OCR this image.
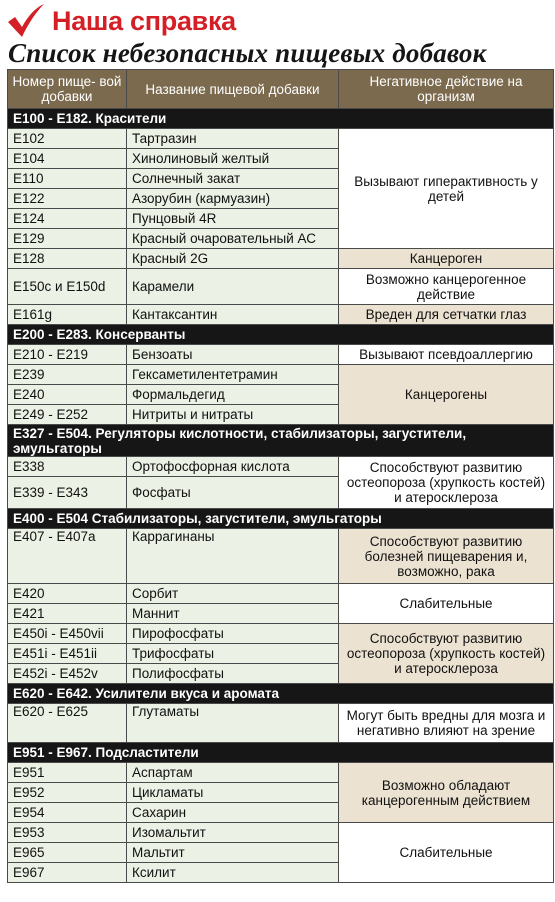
Наша справка
Список небезопасных пищевых добавок
Номер пище- вой добавки	Название пищевой добавки	Негативное действие на организм
Е100 - Е182. Красители		
Е102	Тартразин	Вызывают гиперактивность у детей
Е104	Хинолиновый желтый	
Е110	Солнечный закат	
Е122	Азорубин (кармуазин)	
Е124	Пунцовый 4R	
Е129	Красный очаровательный АС	
Е128	Красный 2G	Канцероген
Е150с и Е150d	Карамели	Возможно канцерогенное действие
Е161g	Кантаксантин	Вреден для сетчатки глаз
Е200 - Е283. Консерванты		
Е210 - Е219	Бензоаты	Вызывают псевдоаллергию
Е239	Гексаметилентетрамин	Канцерогены
Е240	Формальдегид	
Е249 - Е252	Нитриты и нитраты	
Е327 - Е504. Регуляторы кислотности, стабилизаторы, загустители, эмульгаторы		
Е338	Ортофосфорная кислота	Способствуют развитию остеопороза (хрупкость костей) и атеросклероза
Е339 - Е343	Фосфаты	
Е400 - Е504 Стабилизаторы, загустители, эмульгаторы		
Е407 - Е407а	Каррагинаны	Способствуют развитию болезней пищеварения и, возможно, рака
Е420	Сорбит	Слабительные
Е421	Маннит	
Е450i - Е450vii	Пирофосфаты	Способствуют развитию остеопороза (хрупкость костей) и атеросклероза
Е451i - Е451ii	Трифосфаты	
Е452i - Е452v	Полифосфаты	
Е620 - Е642. Усилители вкуса и аромата		
Е620 - Е625	Глутаматы	Могут быть вредны для мозга и негативно влияют на зрение
Е951 - Е967. Подсластители		
Е951	Аспартам	Возможно обладают канцерогенным действием
Е952	Цикламаты	
Е954	Сахарин	
Е953	Изомальтит	Слабительные
Е965	Мальтит	
Е967	Ксилит	
